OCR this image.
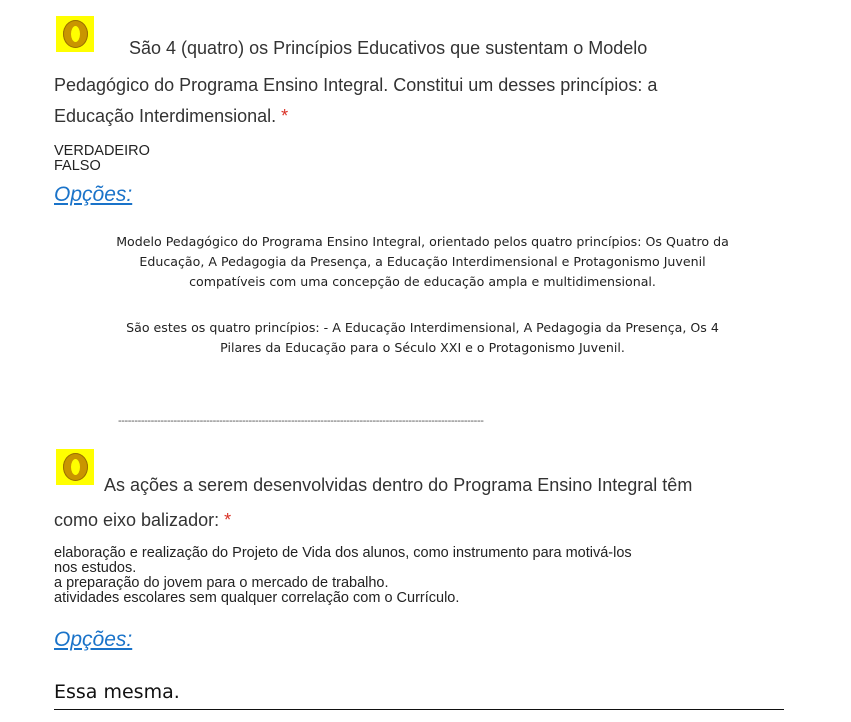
São 4 (quatro) os Princípios Educativos que sustentam o Modelo
Pedagógico do Programa Ensino Integral. Constitui um desses princípios: a
Educação Interdimensional. *
VERDADEIRO
FALSO
Opções:
Modelo Pedagógico do Programa Ensino Integral, orientado pelos quatro princípios: Os Quatro da
Educação, A Pedagogia da Presença, a Educação Interdimensional e Protagonismo Juvenil
compatíveis com uma concepção de educação ampla e multidimensional.
São estes os quatro princípios: - A Educação Interdimensional, A Pedagogia da Presença, Os 4
Pilares da Educação para o Século XXI e o Protagonismo Juvenil.
----------------------------------------------------------------------------------------------------------------
As ações a serem desenvolvidas dentro do Programa Ensino Integral têm
como eixo balizador: *
elaboração e realização do Projeto de Vida dos alunos, como instrumento para motivá-los
nos estudos.
a preparação do jovem para o mercado de trabalho.
atividades escolares sem qualquer correlação com o Currículo.
Opções:
Essa mesma.
